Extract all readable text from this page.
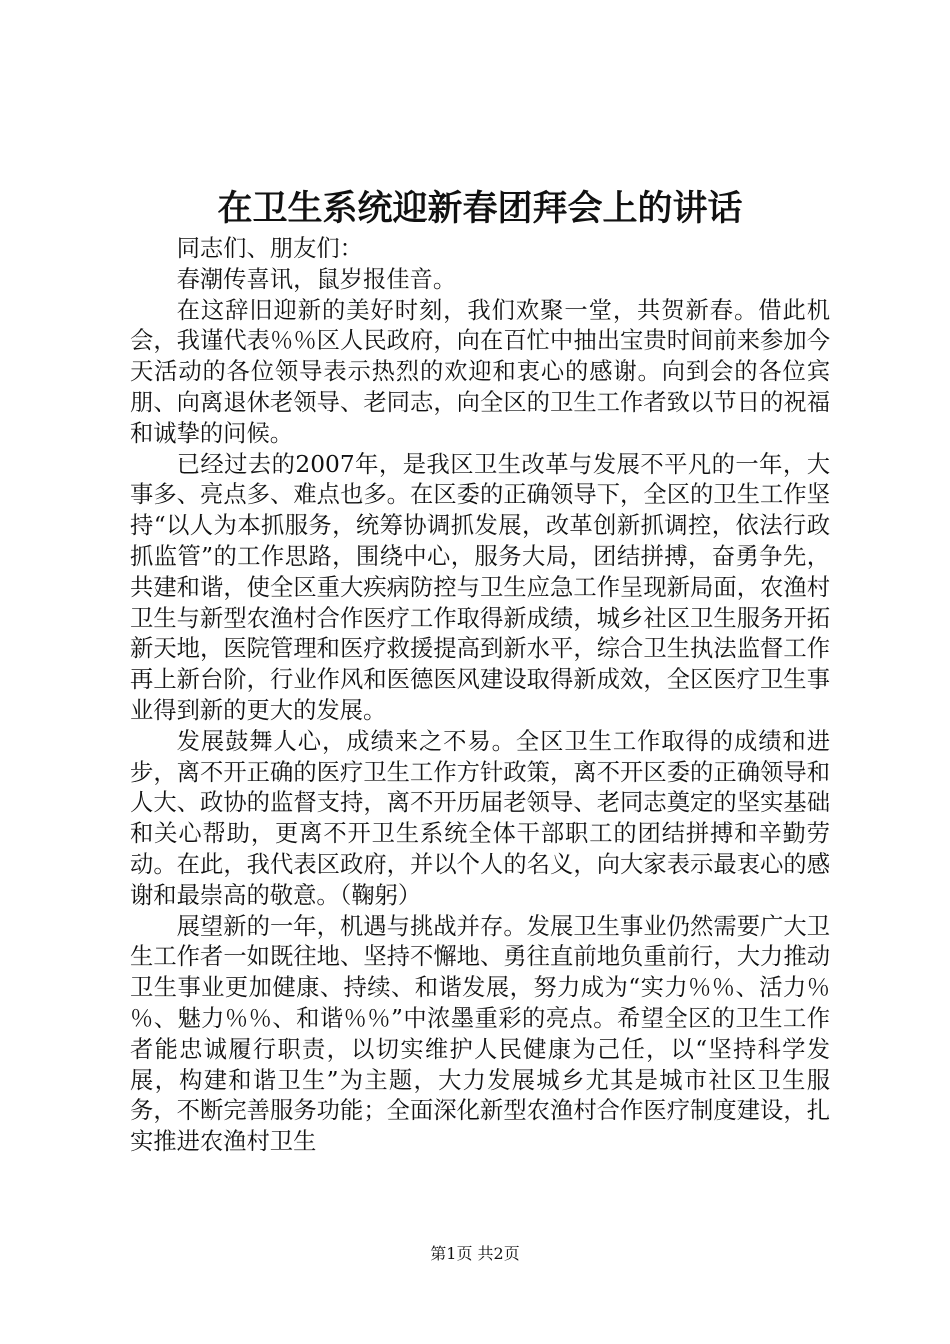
在卫生系统迎新春团拜会上的讲话

同志们、朋友们：

春潮传喜讯，鼠岁报佳音。

在这辞旧迎新的美好时刻，我们欢聚一堂，共贺新春。借此机会，我谨代表％％区人民政府，向在百忙中抽出宝贵时间前来参加今天活动的各位领导表示热烈的欢迎和衷心的感谢。向到会的各位宾朋、向离退休老领导、老同志，向全区的卫生工作者致以节日的祝福和诚挚的问候。

已经过去的2007年，是我区卫生改革与发展不平凡的一年，大事多、亮点多、难点也多。在区委的正确领导下，全区的卫生工作坚持“以人为本抓服务，统筹协调抓发展，改革创新抓调控，依法行政抓监管”的工作思路，围绕中心，服务大局，团结拼搏，奋勇争先，共建和谐，使全区重大疾病防控与卫生应急工作呈现新局面，农渔村卫生与新型农渔村合作医疗工作取得新成绩，城乡社区卫生服务开拓新天地，医院管理和医疗救援提高到新水平，综合卫生执法监督工作再上新台阶，行业作风和医德医风建设取得新成效，全区医疗卫生事业得到新的更大的发展。

发展鼓舞人心，成绩来之不易。全区卫生工作取得的成绩和进步，离不开正确的医疗卫生工作方针政策，离不开区委的正确领导和人大、政协的监督支持，离不开历届老领导、老同志奠定的坚实基础和关心帮助，更离不开卫生系统全体干部职工的团结拼搏和辛勤劳动。在此，我代表区政府，并以个人的名义，向大家表示最衷心的感谢和最崇高的敬意。（鞠躬）

展望新的一年，机遇与挑战并存。发展卫生事业仍然需要广大卫生工作者一如既往地、坚持不懈地、勇往直前地负重前行，大力推动卫生事业更加健康、持续、和谐发展，努力成为“实力％％、活力％％、魅力％％、和谐％％”中浓墨重彩的亮点。希望全区的卫生工作者能忠诚履行职责，以切实维护人民健康为己任，以“坚持科学发展，构建和谐卫生”为主题，大力发展城乡尤其是城市社区卫生服务，不断完善服务功能；全面深化新型农渔村合作医疗制度建设，扎实推进农渔村卫生

第1页 共2页
